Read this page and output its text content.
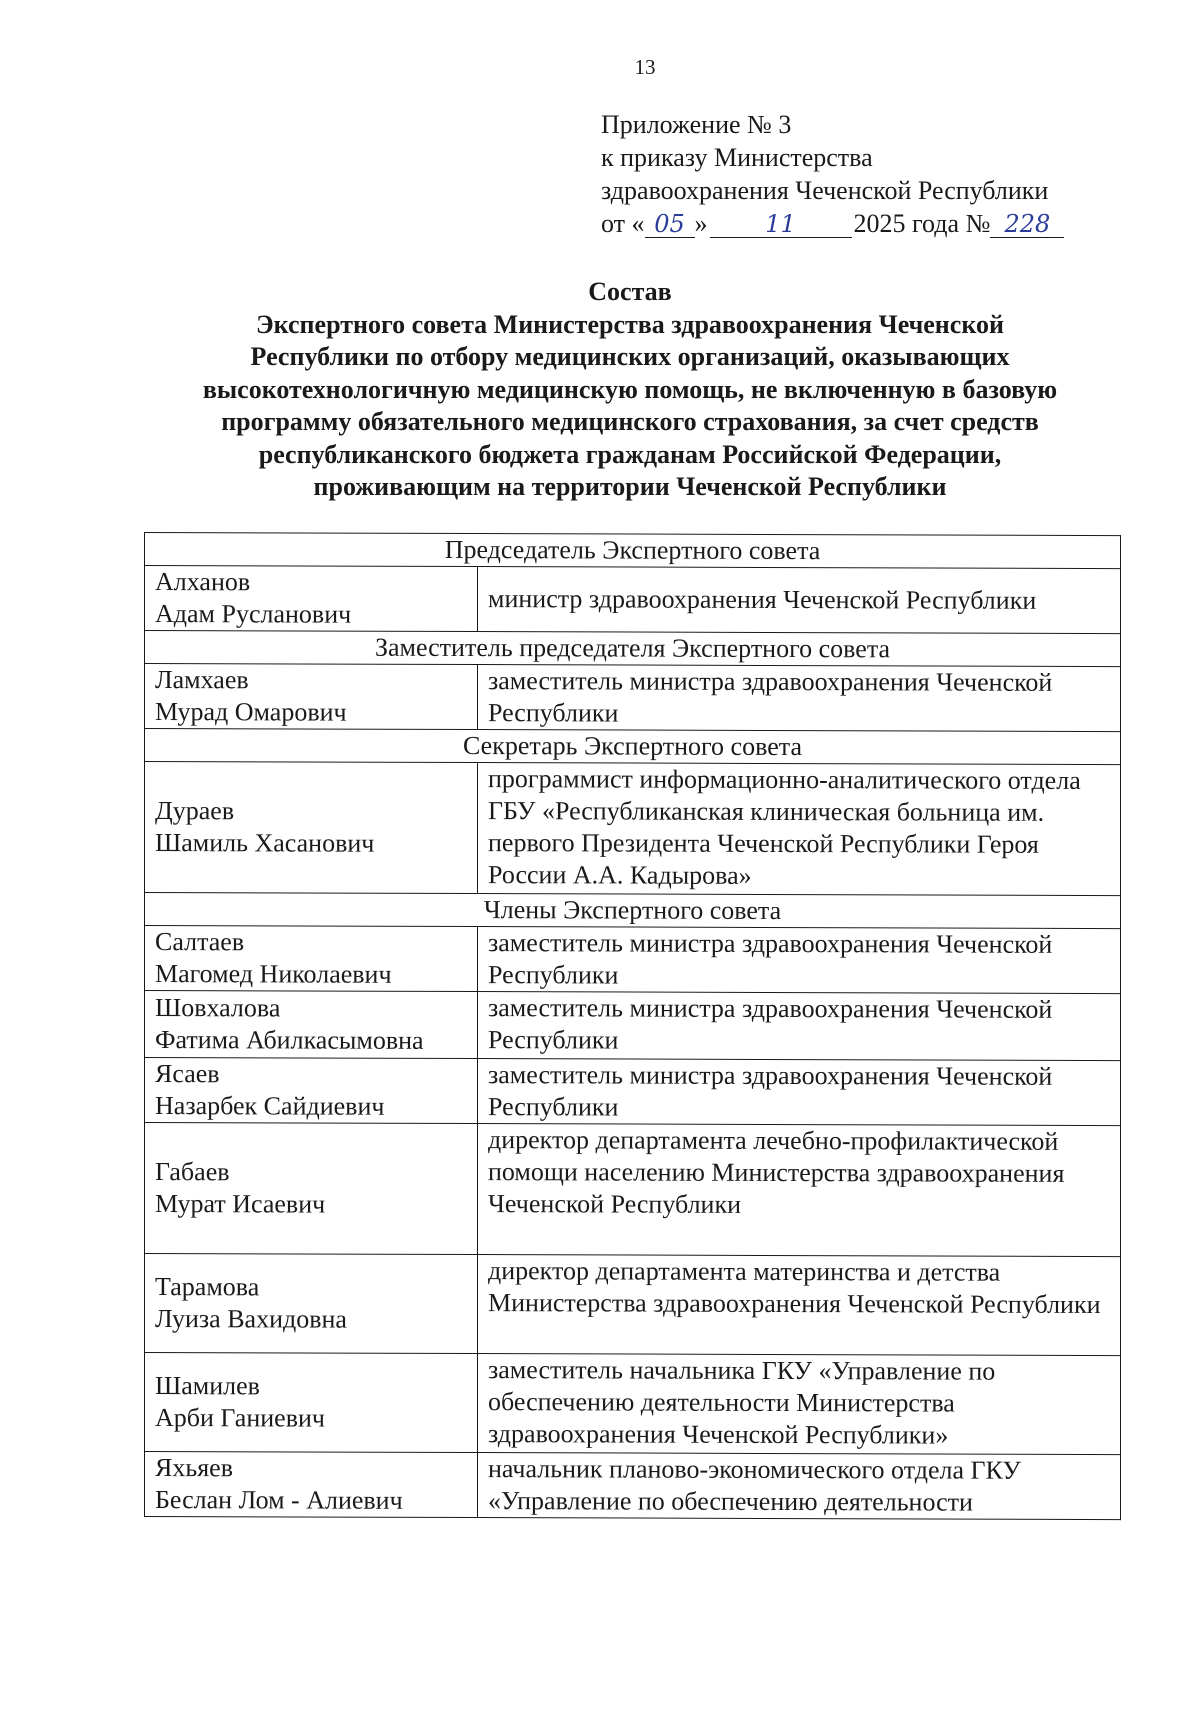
13
Приложение № 3
к приказу Министерства
здравоохранения Чеченской Республики
от « 05 » 11 2025 года № 228
Состав
Экспертного совета Министерства здравоохранения Чеченской
Республики по отбору медицинских организаций, оказывающих
высокотехнологичную медицинскую помощь, не включенную в базовую
программу обязательного медицинского страхования, за счет средств
республиканского бюджета гражданам Российской Федерации,
проживающим на территории Чеченской Республики
Председатель Экспертного совета	

Алханов
Адам Русланович	министр здравоохранения Чеченской Республики
Заместитель председателя Экспертного совета	

Ламхаев
Мурад Омарович	заместитель министра здравоохранения Чеченской Республики
Секретарь Экспертного совета	

Дураев
Шамиль Хасанович	программист информационно-аналитического отдела ГБУ «Республиканская клиническая больница им. первого Президента Чеченской Республики Героя России А.А. Кадырова»
Члены Экспертного совета	

Салтаев
Магомед Николаевич	заместитель министра здравоохранения Чеченской Республики

Шовхалова
Фатима Абилкасымовна	заместитель министра здравоохранения Чеченской Республики

Ясаев
Назарбек Сайдиевич	заместитель министра здравоохранения Чеченской Республики

Габаев
Мурат Исаевич	директор департамента лечебно-профилактической помощи населению Министерства здравоохранения Чеченской Республики

Тарамова
Луиза Вахидовна	директор департамента материнства и детства Министерства здравоохранения Чеченской Республики

Шамилев
Арби Ганиевич	заместитель начальника ГКУ «Управление по обеспечению деятельности Министерства здравоохранения Чеченской Республики»

Яхьяев
Беслан Лом - Алиевич	начальник планово-экономического отдела ГКУ «Управление по обеспечению деятельности
